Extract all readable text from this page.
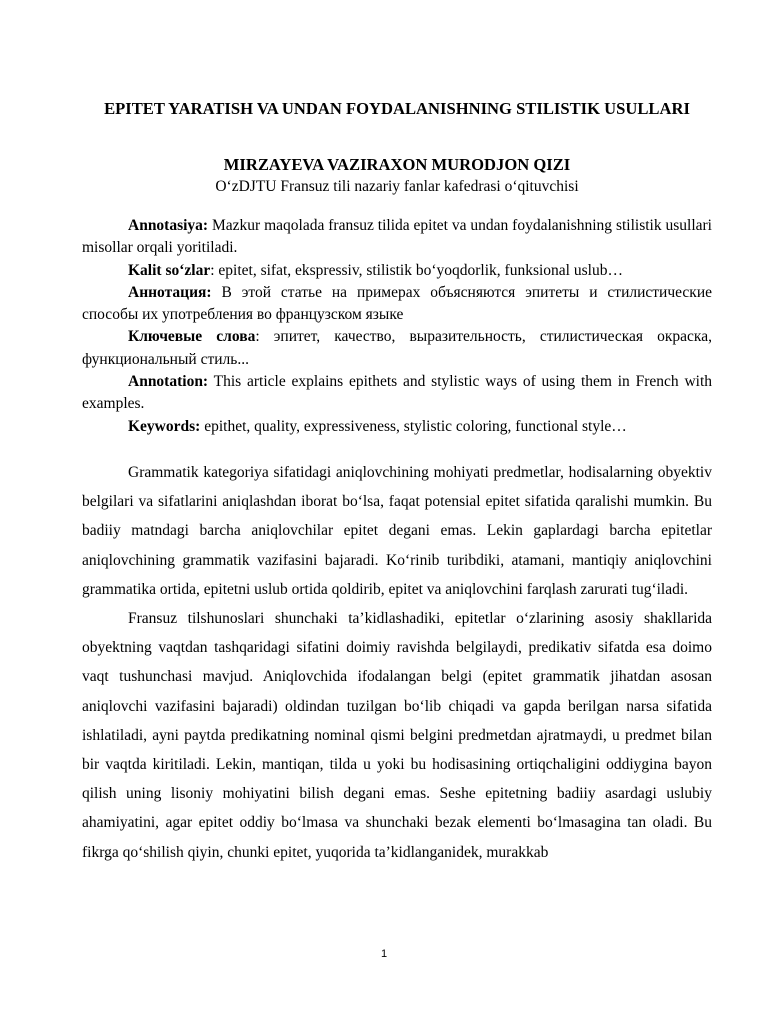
EPITET YARATISH VA UNDAN FOYDALANISHNING STILISTIK USULLARI
MIRZAYEVA VAZIRAXON MURODJON QIZI
O‘zDJTU Fransuz tili nazariy fanlar kafedrasi o‘qituvchisi

Annotasiya: Mazkur maqolada fransuz tilida epitet va undan foydalanishning stilistik usullari misollar orqali yoritiladi.

Kalit so‘zlar: epitet, sifat, ekspressiv, stilistik bo‘yoqdorlik, funksional uslub…

Аннотация: В этой статье на примерах объясняются эпитеты и стилистические способы их употребления во французском языке

Ключевые слова: эпитет, качество, выразительность, стилистическая окраска, функциональный стиль...

Annotation: This article explains epithets and stylistic ways of using them in French with examples.

Keywords: epithet, quality, expressiveness, stylistic coloring, functional style…

Grammatik kategoriya sifatidagi aniqlovchining mohiyati predmetlar, hodisalarning obyektiv belgilari va sifatlarini aniqlashdan iborat bo‘lsa, faqat potensial epitet sifatida qaralishi mumkin. Bu badiiy matndagi barcha aniqlovchilar epitet degani emas. Lekin gaplardagi barcha epitetlar aniqlovchining grammatik vazifasini bajaradi. Ko‘rinib turibdiki, atamani, mantiqiy aniqlovchini grammatika ortida, epitetni uslub ortida qoldirib, epitet va aniqlovchini farqlash zarurati tug‘iladi.

Fransuz tilshunoslari shunchaki ta’kidlashadiki, epitetlar o‘zlarining asosiy shakllarida obyektning vaqtdan tashqaridagi sifatini doimiy ravishda belgilaydi, predikativ sifatda esa doimo vaqt tushunchasi mavjud. Aniqlovchida ifodalangan belgi (epitet grammatik jihatdan asosan aniqlovchi vazifasini bajaradi) oldindan tuzilgan bo‘lib chiqadi va gapda berilgan narsa sifatida ishlatiladi, ayni paytda predikatning nominal qismi belgini predmetdan ajratmaydi, u predmet bilan bir vaqtda kiritiladi. Lekin, mantiqan, tilda u yoki bu hodisasining ortiqchaligini oddiygina bayon qilish uning lisoniy mohiyatini bilish degani emas. Seshe epitetning badiiy asardagi uslubiy ahamiyatini, agar epitet oddiy bo‘lmasa va shunchaki bezak elementi bo‘lmasagina tan oladi. Bu fikrga qo‘shilish qiyin, chunki epitet, yuqorida ta’kidlanganidek, murakkab

1
